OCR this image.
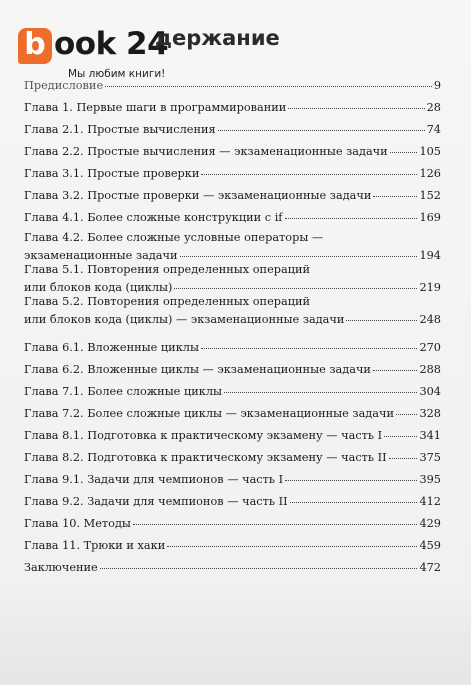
b ook 24
Мы любим книги!
держание
Предисловие	9
Глава 1. Первые шаги в программировании	28
Глава 2.1. Простые вычисления	74
Глава 2.2. Простые вычисления — экзаменационные задачи	105
Глава 3.1. Простые проверки	126
Глава 3.2. Простые проверки — экзаменационные задачи	152
Глава 4.1. Более сложные конструкции с if	169
Глава 4.2. Более сложные условные операторы —
экзаменационные задачи	194
Глава 5.1. Повторения определенных операций
или блоков кода (циклы)	219
Глава 5.2. Повторения определенных операций
или блоков кода (циклы) — экзаменационные задачи	248
Глава 6.1. Вложенные циклы	270
Глава 6.2. Вложенные циклы — экзаменационные задачи	288
Глава 7.1. Более сложные циклы	304
Глава 7.2. Более сложные циклы — экзаменационные задачи 328
Глава 8.1. Подготовка к практическому экзамену — часть I	341
Глава 8.2. Подготовка к практическому экзамену — часть II	375
Глава 9.1. Задачи для чемпионов — часть I	395
Глава 9.2. Задачи для чемпионов — часть II	412
Глава 10. Методы	429
Глава 11. Трюки и хаки	459
Заключение	472
